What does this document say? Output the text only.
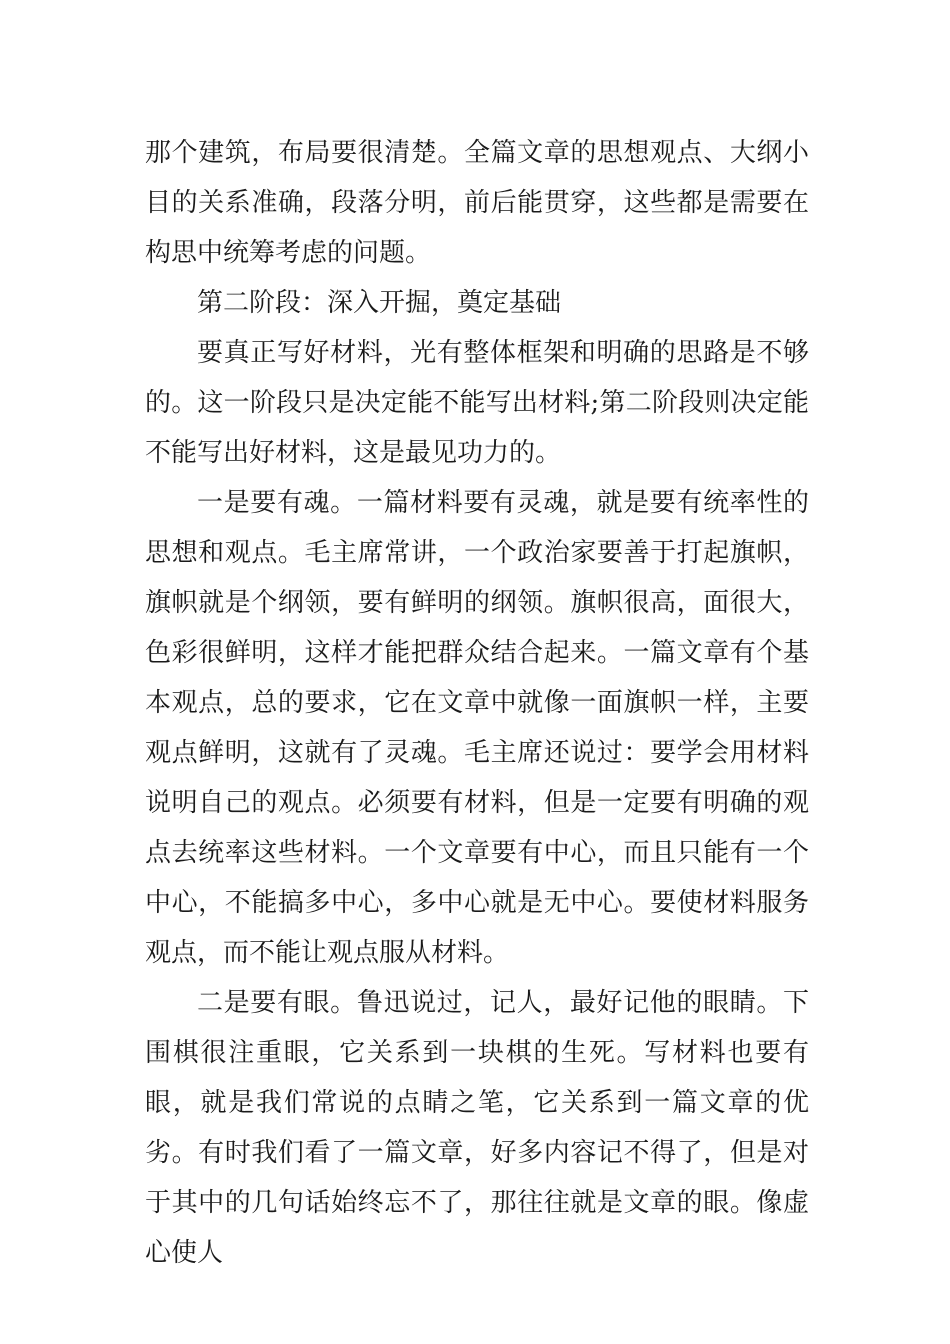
那个建筑，布局要很清楚。全篇文章的思想观点、大纲小目的关系准确，段落分明，前后能贯穿，这些都是需要在构思中统筹考虑的问题。

第二阶段：深入开掘，奠定基础

要真正写好材料，光有整体框架和明确的思路是不够的。这一阶段只是决定能不能写出材料;第二阶段则决定能不能写出好材料，这是最见功力的。

一是要有魂。一篇材料要有灵魂，就是要有统率性的思想和观点。毛主席常讲，一个政治家要善于打起旗帜，旗帜就是个纲领，要有鲜明的纲领。旗帜很高，面很大，色彩很鲜明，这样才能把群众结合起来。一篇文章有个基本观点，总的要求，它在文章中就像一面旗帜一样，主要观点鲜明，这就有了灵魂。毛主席还说过：要学会用材料说明自己的观点。必须要有材料，但是一定要有明确的观点去统率这些材料。一个文章要有中心，而且只能有一个中心，不能搞多中心，多中心就是无中心。要使材料服务观点，而不能让观点服从材料。

二是要有眼。鲁迅说过，记人，最好记他的眼睛。下围棋很注重眼，它关系到一块棋的生死。写材料也要有眼，就是我们常说的点睛之笔，它关系到一篇文章的优劣。有时我们看了一篇文章，好多内容记不得了，但是对于其中的几句话始终忘不了，那往往就是文章的眼。像虚心使人
